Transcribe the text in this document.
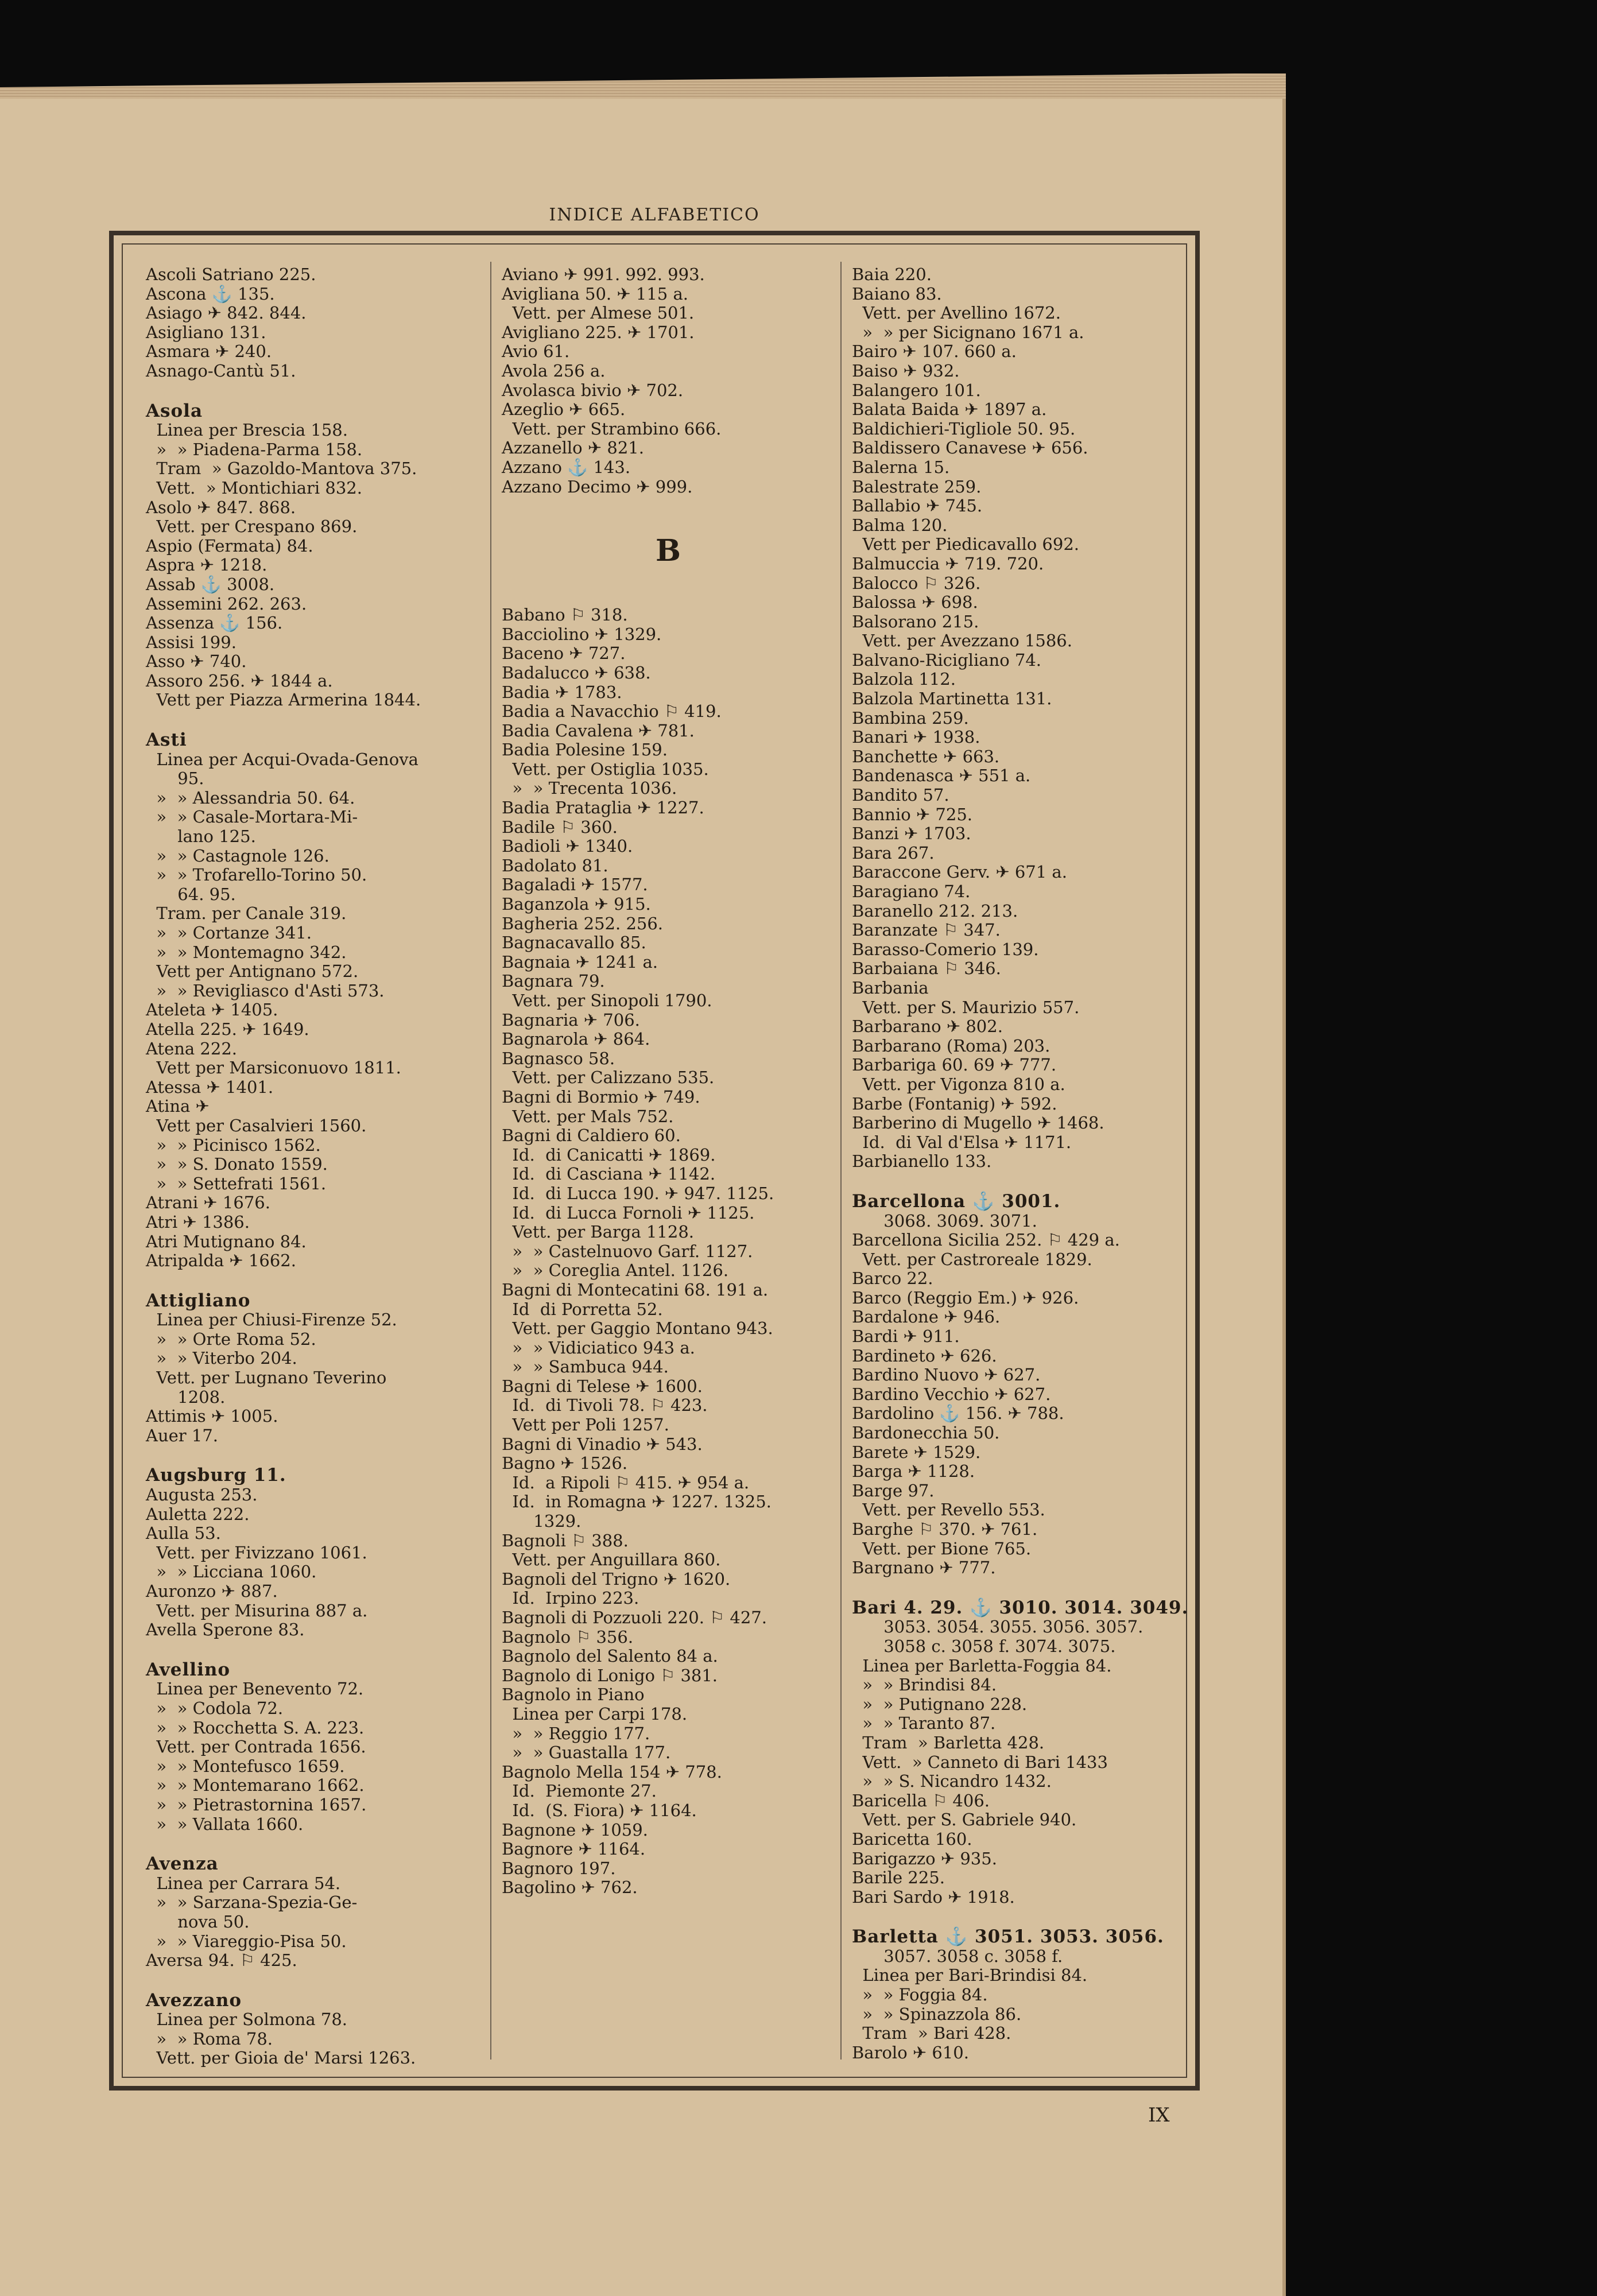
INDICE ALFABETICO
Ascoli Satriano 225.
Ascona ⚓ 135.
Asiago ✈ 842. 844.
Asigliano 131.
Asmara ✈ 240.
Asnago-Cantù 51.
Asola
Linea per Brescia 158.
»  » Piadena-Parma 158.
Tram  » Gazoldo-Mantova 375.
Vett.  » Montichiari 832.
Asolo ✈ 847. 868.
Vett. per Crespano 869.
Aspio (Fermata) 84.
Aspra ✈ 1218.
Assab ⚓ 3008.
Assemini 262. 263.
Assenza ⚓ 156.
Assisi 199.
Asso ✈ 740.
Assoro 256. ✈ 1844 a.
Vett per Piazza Armerina 1844.
Asti
Linea per Acqui-Ovada-Genova
95.
»  » Alessandria 50. 64.
»  » Casale-Mortara-Mi-
lano 125.
»  » Castagnole 126.
»  » Trofarello-Torino 50.
64. 95.
Tram. per Canale 319.
»  » Cortanze 341.
»  » Montemagno 342.
Vett per Antignano 572.
»  » Revigliasco d'Asti 573.
Ateleta ✈ 1405.
Atella 225. ✈ 1649.
Atena 222.
Vett per Marsiconuovo 1811.
Atessa ✈ 1401.
Atina ✈
Vett per Casalvieri 1560.
»  » Picinisco 1562.
»  » S. Donato 1559.
»  » Settefrati 1561.
Atrani ✈ 1676.
Atri ✈ 1386.
Atri Mutignano 84.
Atripalda ✈ 1662.
Attigliano
Linea per Chiusi-Firenze 52.
»  » Orte Roma 52.
»  » Viterbo 204.
Vett. per Lugnano Teverino
1208.
Attimis ✈ 1005.
Auer 17.
Augsburg 11.
Augusta 253.
Auletta 222.
Aulla 53.
Vett. per Fivizzano 1061.
»  » Licciana 1060.
Auronzo ✈ 887.
Vett. per Misurina 887 a.
Avella Sperone 83.
Avellino
Linea per Benevento 72.
»  » Codola 72.
»  » Rocchetta S. A. 223.
Vett. per Contrada 1656.
»  » Montefusco 1659.
»  » Montemarano 1662.
»  » Pietrastornina 1657.
»  » Vallata 1660.
Avenza
Linea per Carrara 54.
»  » Sarzana-Spezia-Ge-
nova 50.
»  » Viareggio-Pisa 50.
Aversa 94. ⚐ 425.
Avezzano
Linea per Solmona 78.
»  » Roma 78.
Vett. per Gioia de' Marsi 1263.
Aviano ✈ 991. 992. 993.
Avigliana 50. ✈ 115 a.
Vett. per Almese 501.
Avigliano 225. ✈ 1701.
Avio 61.
Avola 256 a.
Avolasca bivio ✈ 702.
Azeglio ✈ 665.
Vett. per Strambino 666.
Azzanello ✈ 821.
Azzano ⚓ 143.
Azzano Decimo ✈ 999.
B
Babano ⚐ 318.
Bacciolino ✈ 1329.
Baceno ✈ 727.
Badalucco ✈ 638.
Badia ✈ 1783.
Badia a Navacchio ⚐ 419.
Badia Cavalena ✈ 781.
Badia Polesine 159.
Vett. per Ostiglia 1035.
»  » Trecenta 1036.
Badia Prataglia ✈ 1227.
Badile ⚐ 360.
Badioli ✈ 1340.
Badolato 81.
Bagaladi ✈ 1577.
Baganzola ✈ 915.
Bagheria 252. 256.
Bagnacavallo 85.
Bagnaia ✈ 1241 a.
Bagnara 79.
Vett. per Sinopoli 1790.
Bagnaria ✈ 706.
Bagnarola ✈ 864.
Bagnasco 58.
Vett. per Calizzano 535.
Bagni di Bormio ✈ 749.
Vett. per Mals 752.
Bagni di Caldiero 60.
Id.  di Canicatti ✈ 1869.
Id.  di Casciana ✈ 1142.
Id.  di Lucca 190. ✈ 947. 1125.
Id.  di Lucca Fornoli ✈ 1125.
Vett. per Barga 1128.
»  » Castelnuovo Garf. 1127.
»  » Coreglia Antel. 1126.
Bagni di Montecatini 68. 191 a.
Id  di Porretta 52.
Vett. per Gaggio Montano 943.
»  » Vidiciatico 943 a.
»  » Sambuca 944.
Bagni di Telese ✈ 1600.
Id.  di Tivoli 78. ⚐ 423.
Vett per Poli 1257.
Bagni di Vinadio ✈ 543.
Bagno ✈ 1526.
Id.  a Ripoli ⚐ 415. ✈ 954 a.
Id.  in Romagna ✈ 1227. 1325.
1329.
Bagnoli ⚐ 388.
Vett. per Anguillara 860.
Bagnoli del Trigno ✈ 1620.
Id.  Irpino 223.
Bagnoli di Pozzuoli 220. ⚐ 427.
Bagnolo ⚐ 356.
Bagnolo del Salento 84 a.
Bagnolo di Lonigo ⚐ 381.
Bagnolo in Piano
Linea per Carpi 178.
»  » Reggio 177.
»  » Guastalla 177.
Bagnolo Mella 154 ✈ 778.
Id.  Piemonte 27.
Id.  (S. Fiora) ✈ 1164.
Bagnone ✈ 1059.
Bagnore ✈ 1164.
Bagnoro 197.
Bagolino ✈ 762.
Baia 220.
Baiano 83.
Vett. per Avellino 1672.
»  » per Sicignano 1671 a.
Bairo ✈ 107. 660 a.
Baiso ✈ 932.
Balangero 101.
Balata Baida ✈ 1897 a.
Baldichieri-Tigliole 50. 95.
Baldissero Canavese ✈ 656.
Balerna 15.
Balestrate 259.
Ballabio ✈ 745.
Balma 120.
Vett per Piedicavallo 692.
Balmuccia ✈ 719. 720.
Balocco ⚐ 326.
Balossa ✈ 698.
Balsorano 215.
Vett. per Avezzano 1586.
Balvano-Ricigliano 74.
Balzola 112.
Balzola Martinetta 131.
Bambina 259.
Banari ✈ 1938.
Banchette ✈ 663.
Bandenasca ✈ 551 a.
Bandito 57.
Bannio ✈ 725.
Banzi ✈ 1703.
Bara 267.
Baraccone Gerv. ✈ 671 a.
Baragiano 74.
Baranello 212. 213.
Baranzate ⚐ 347.
Barasso-Comerio 139.
Barbaiana ⚐ 346.
Barbania
Vett. per S. Maurizio 557.
Barbarano ✈ 802.
Barbarano (Roma) 203.
Barbariga 60. 69 ✈ 777.
Vett. per Vigonza 810 a.
Barbe (Fontanig) ✈ 592.
Barberino di Mugello ✈ 1468.
Id.  di Val d'Elsa ✈ 1171.
Barbianello 133.
Barcellona ⚓ 3001.
3068. 3069. 3071.
Barcellona Sicilia 252. ⚐ 429 a.
Vett. per Castroreale 1829.
Barco 22.
Barco (Reggio Em.) ✈ 926.
Bardalone ✈ 946.
Bardi ✈ 911.
Bardineto ✈ 626.
Bardino Nuovo ✈ 627.
Bardino Vecchio ✈ 627.
Bardolino ⚓ 156. ✈ 788.
Bardonecchia 50.
Barete ✈ 1529.
Barga ✈ 1128.
Barge 97.
Vett. per Revello 553.
Barghe ⚐ 370. ✈ 761.
Vett. per Bione 765.
Bargnano ✈ 777.
Bari 4. 29. ⚓ 3010. 3014. 3049.
3053. 3054. 3055. 3056. 3057.
3058 c. 3058 f. 3074. 3075.
Linea per Barletta-Foggia 84.
»  » Brindisi 84.
»  » Putignano 228.
»  » Taranto 87.
Tram  » Barletta 428.
Vett.  » Canneto di Bari 1433
»  » S. Nicandro 1432.
Baricella ⚐ 406.
Vett. per S. Gabriele 940.
Baricetta 160.
Barigazzo ✈ 935.
Barile 225.
Bari Sardo ✈ 1918.
Barletta ⚓ 3051. 3053. 3056.
3057. 3058 c. 3058 f.
Linea per Bari-Brindisi 84.
»  » Foggia 84.
»  » Spinazzola 86.
Tram  » Bari 428.
Barolo ✈ 610.
IX
